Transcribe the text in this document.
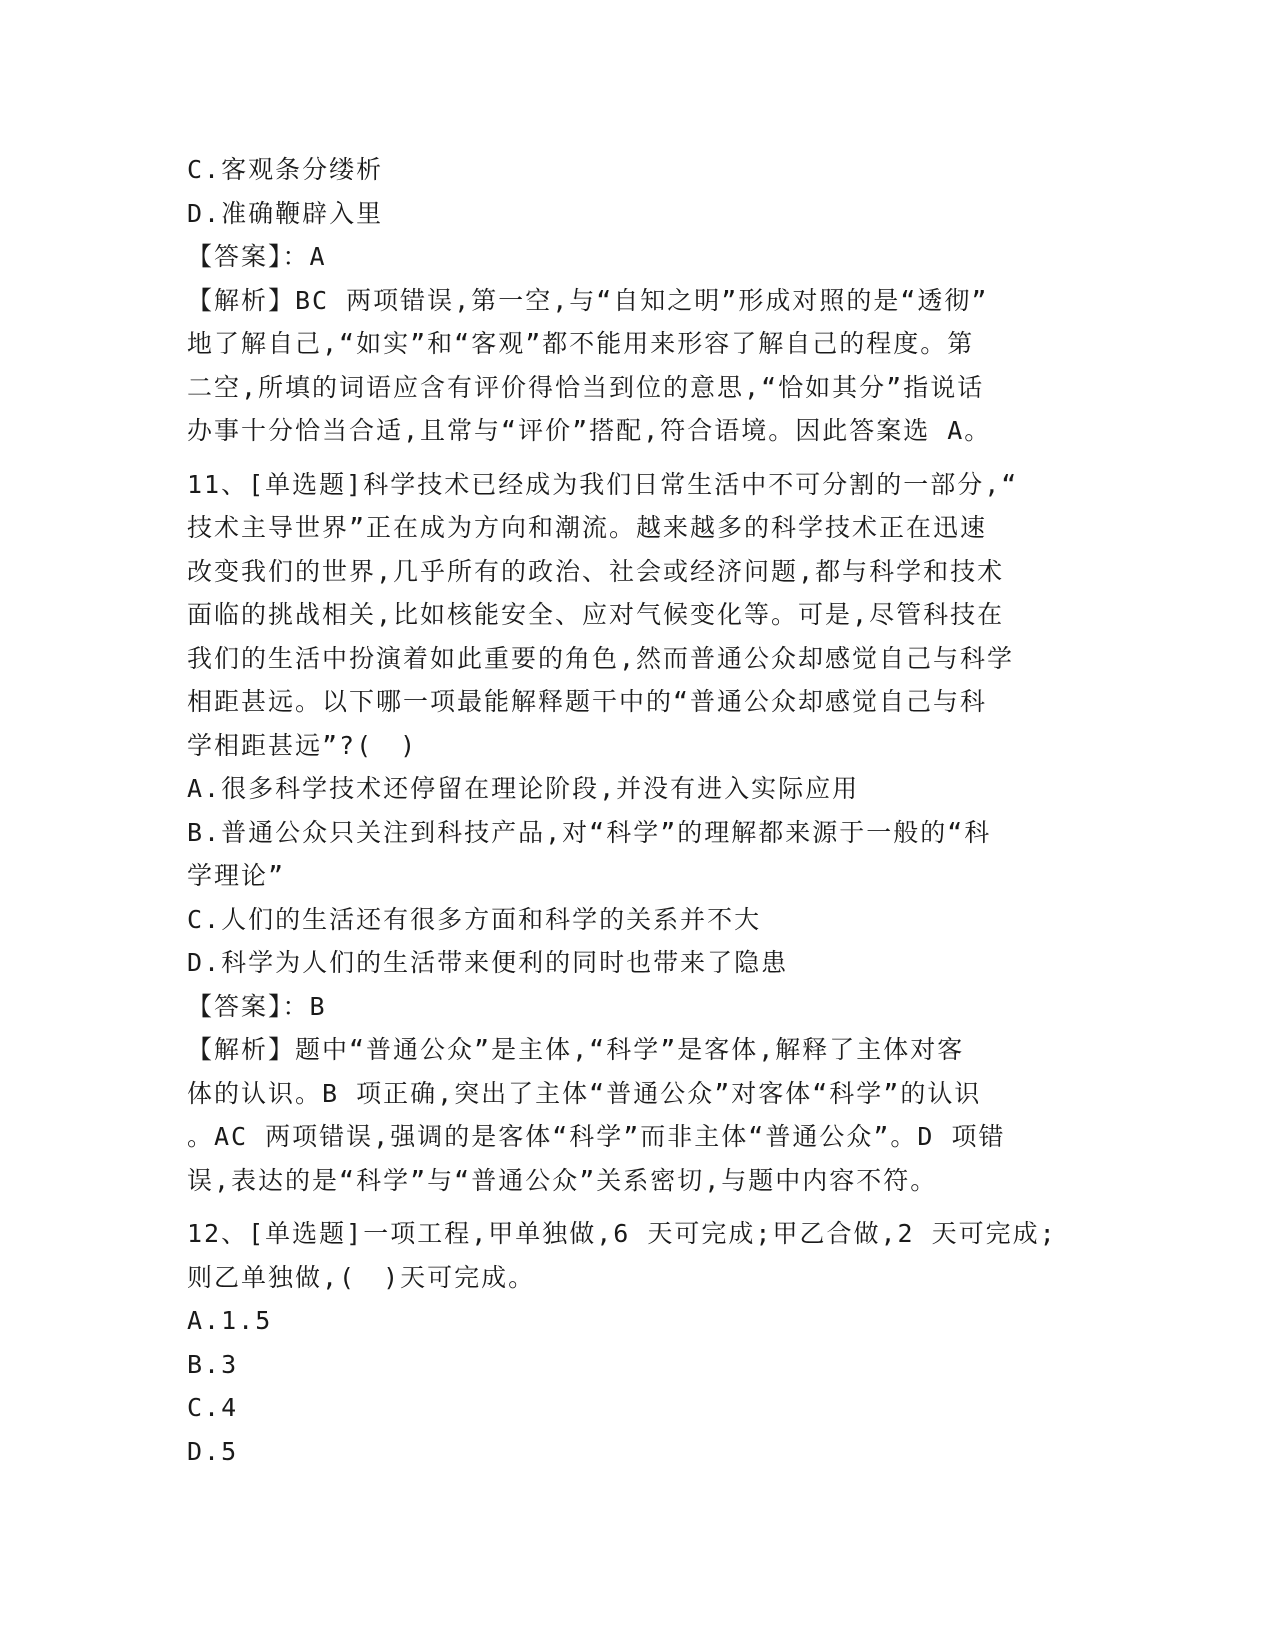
C.客观条分缕析
D.准确鞭辟入里
【答案】：A
【解析】BC 两项错误,第一空,与“自知之明”形成对照的是“透彻”
地了解自己,“如实”和“客观”都不能用来形容了解自己的程度。第
二空,所填的词语应含有评价得恰当到位的意思,“恰如其分”指说话
办事十分恰当合适,且常与“评价”搭配,符合语境。因此答案选 A。
11、[单选题]科学技术已经成为我们日常生活中不可分割的一部分,“
技术主导世界”正在成为方向和潮流。越来越多的科学技术正在迅速
改变我们的世界,几乎所有的政治、社会或经济问题,都与科学和技术
面临的挑战相关,比如核能安全、应对气候变化等。可是,尽管科技在
我们的生活中扮演着如此重要的角色,然而普通公众却感觉自己与科学
相距甚远。以下哪一项最能解释题干中的“普通公众却感觉自己与科
学相距甚远”?(　)
A.很多科学技术还停留在理论阶段,并没有进入实际应用
B.普通公众只关注到科技产品,对“科学”的理解都来源于一般的“科
学理论”
C.人们的生活还有很多方面和科学的关系并不大
D.科学为人们的生活带来便利的同时也带来了隐患
【答案】：B
【解析】题中“普通公众”是主体,“科学”是客体,解释了主体对客
体的认识。B 项正确,突出了主体“普通公众”对客体“科学”的认识
。AC 两项错误,强调的是客体“科学”而非主体“普通公众”。D 项错
误,表达的是“科学”与“普通公众”关系密切,与题中内容不符。
12、[单选题]一项工程,甲单独做,6 天可完成;甲乙合做,2 天可完成;
则乙单独做,(　)天可完成。
A.1.5
B.3
C.4
D.5
